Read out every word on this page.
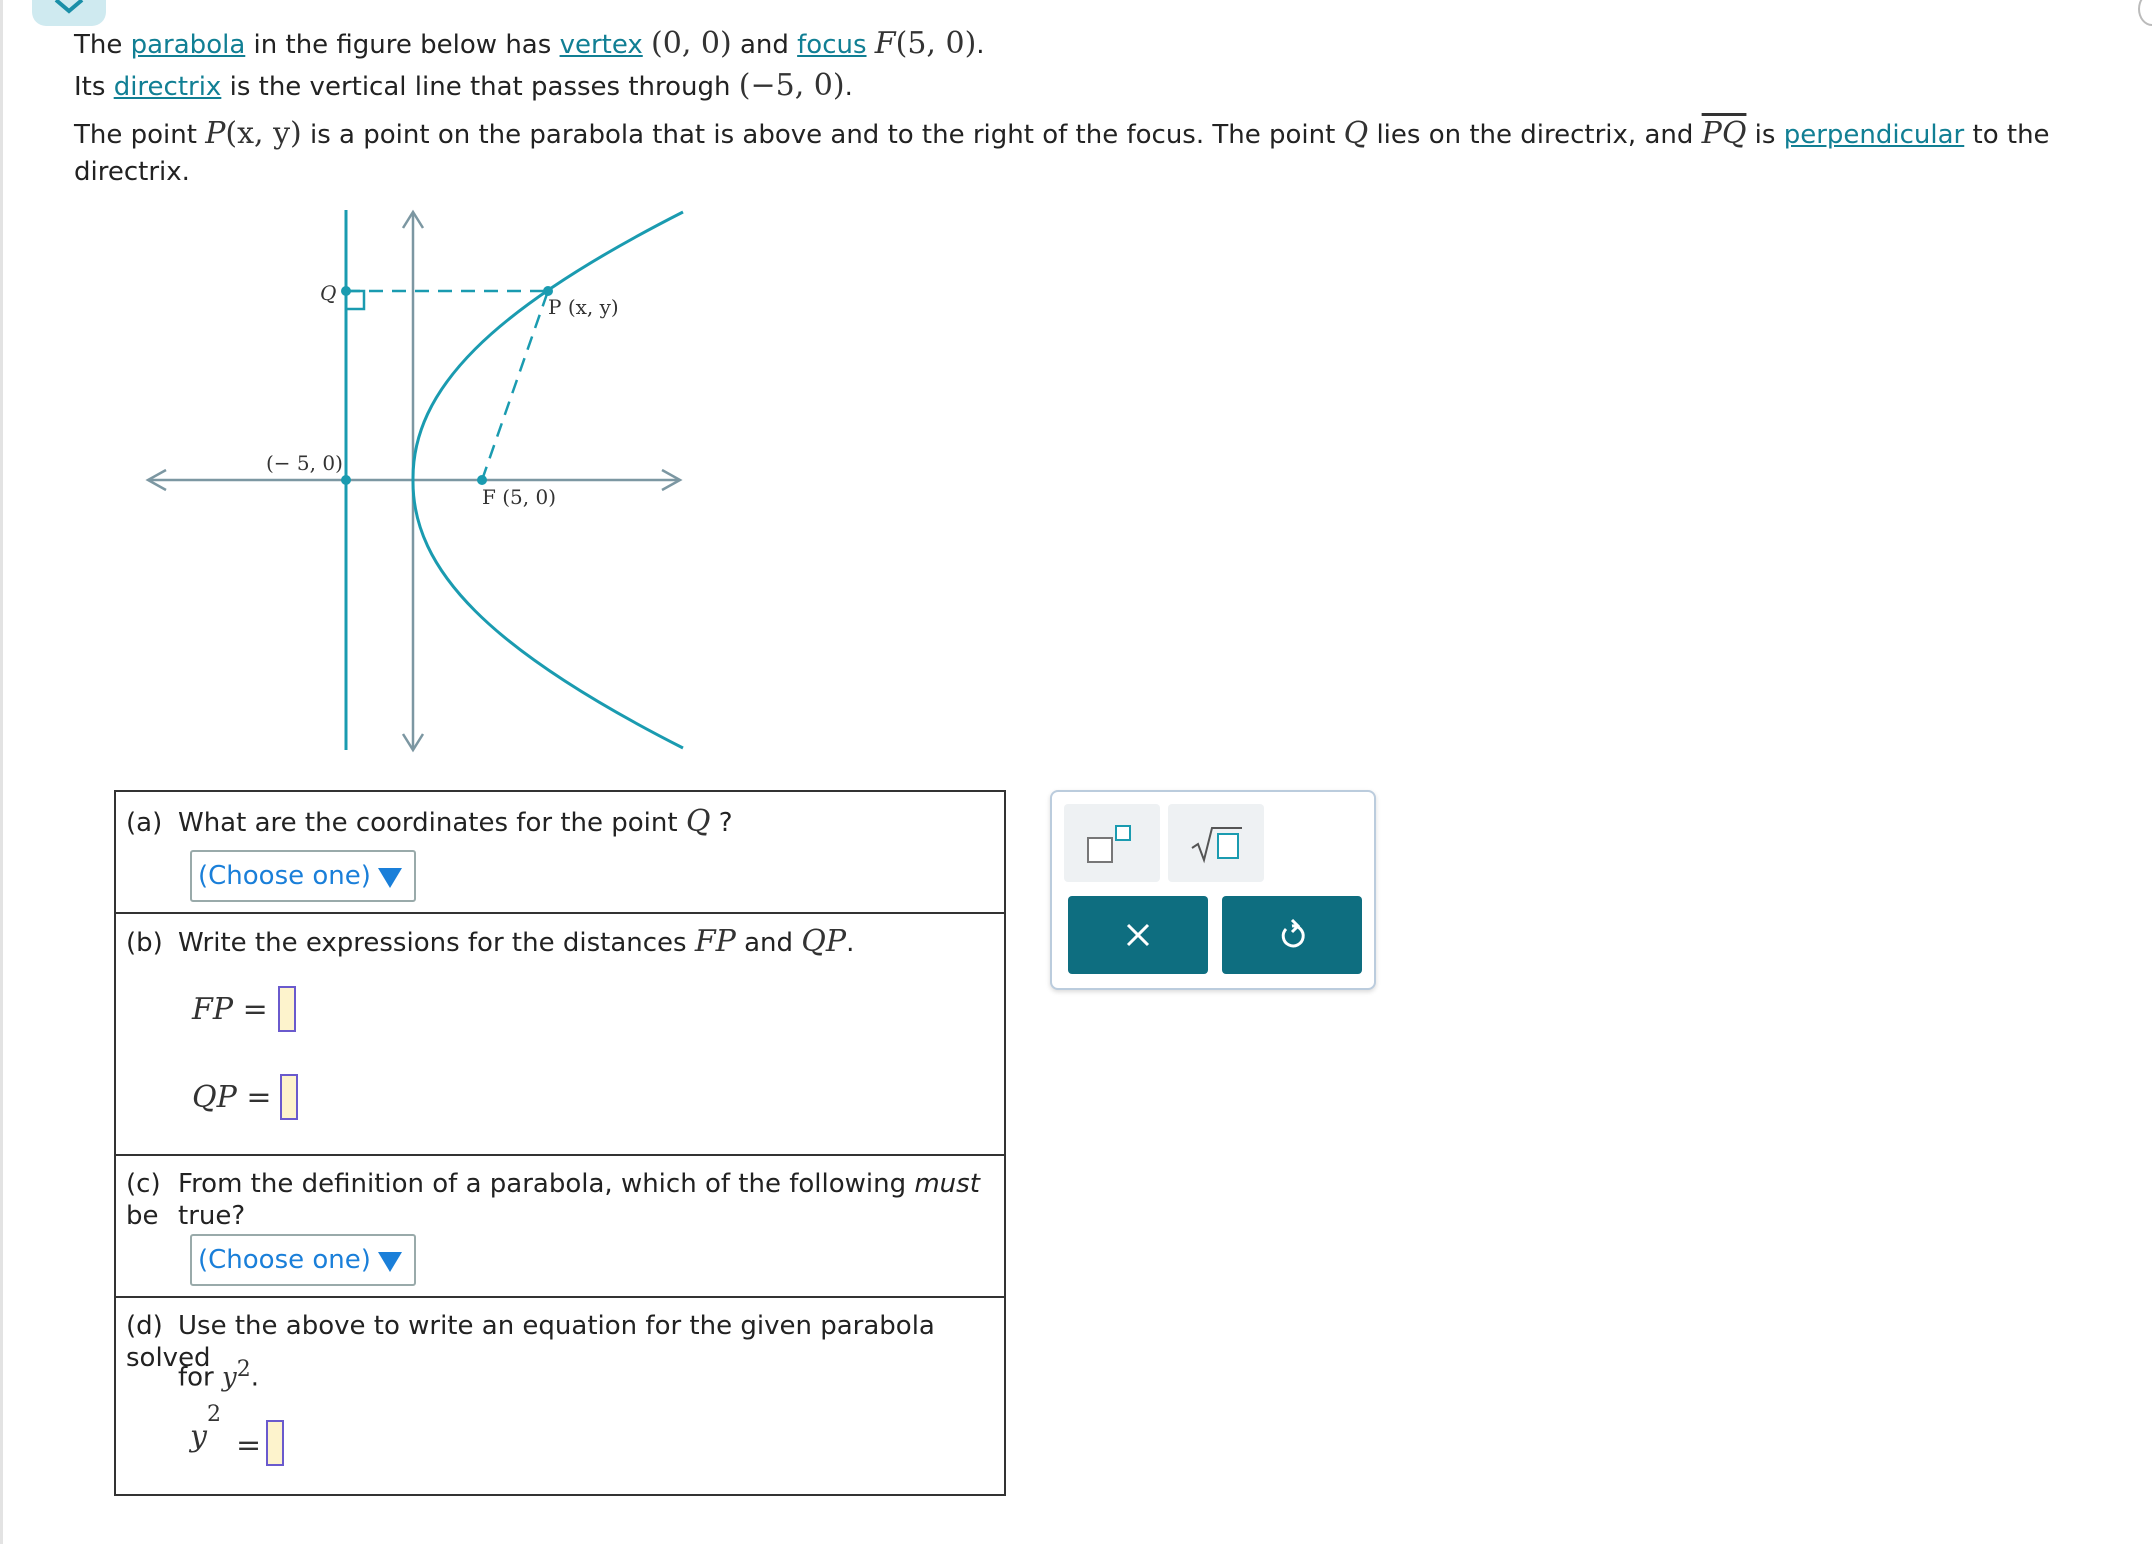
The parabola in the figure below has vertex (0, 0) and focus F(5, 0).
Its directrix is the vertical line that passes through (−5, 0).
The point P(x, y) is a point on the parabola that is above and to the right of the focus. The point Q lies on the directrix, and $\overline{PQ}$ is perpendicular to the
directrix.
Q
P (x, y)
(− 5, 0)
F (5, 0)
(a) What are the coordinates for the point Q ?
(Choose one)
(b) Write the expressions for the distances FP and QP.
FP =
QP =
(c) From the definition of a parabola, which of the following must be true?
(Choose one)
(d) Use the above to write an equation for the given parabola solved
for $y^2$.
$y^2$
=
